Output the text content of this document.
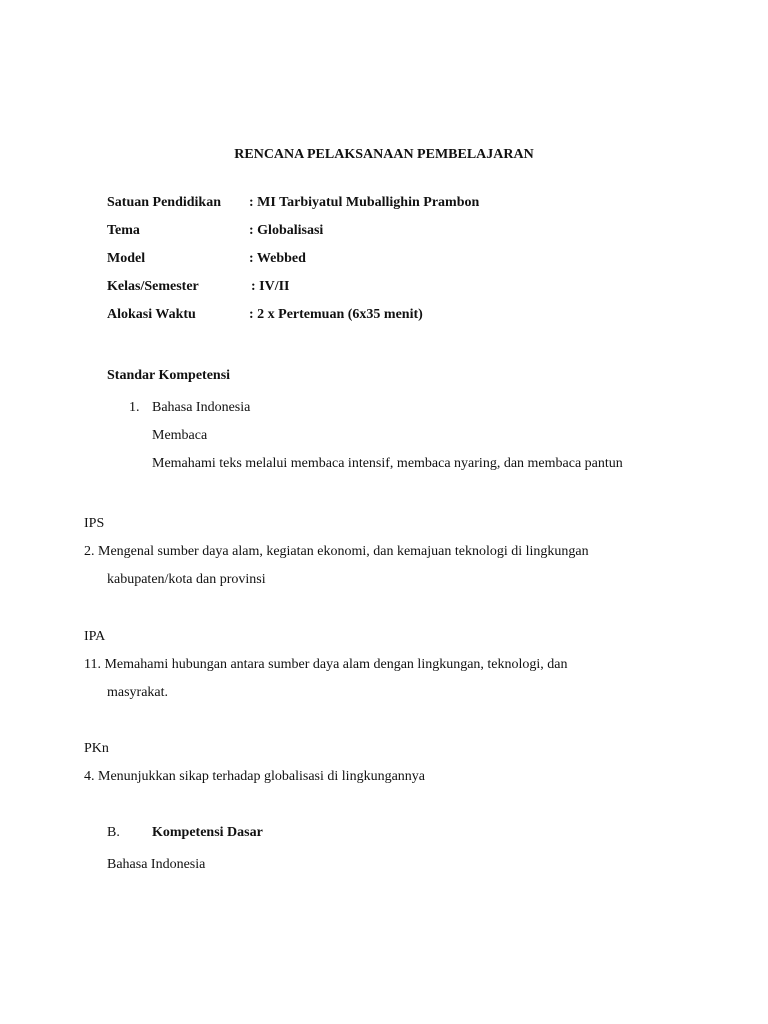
RENCANA PELAKSANAAN PEMBELAJARAN
Satuan Pendidikan : MI Tarbiyatul Muballighin Prambon
Tema	: Globalisasi
Model	: Webbed
Kelas/Semester	: IV/II
Alokasi Waktu	: 2 x Pertemuan (6x35 menit)
Standar Kompetensi
1. Bahasa Indonesia
Membaca
Memahami teks melalui membaca intensif, membaca nyaring, dan membaca pantun
IPS
2. Mengenal sumber daya alam, kegiatan ekonomi, dan kemajuan teknologi di lingkungan
kabupaten/kota dan provinsi
IPA
11. Memahami hubungan antara sumber daya alam dengan lingkungan, teknologi, dan
masyrakat.
PKn
4. Menunjukkan sikap terhadap globalisasi di lingkungannya
B. Kompetensi Dasar
Bahasa Indonesia
